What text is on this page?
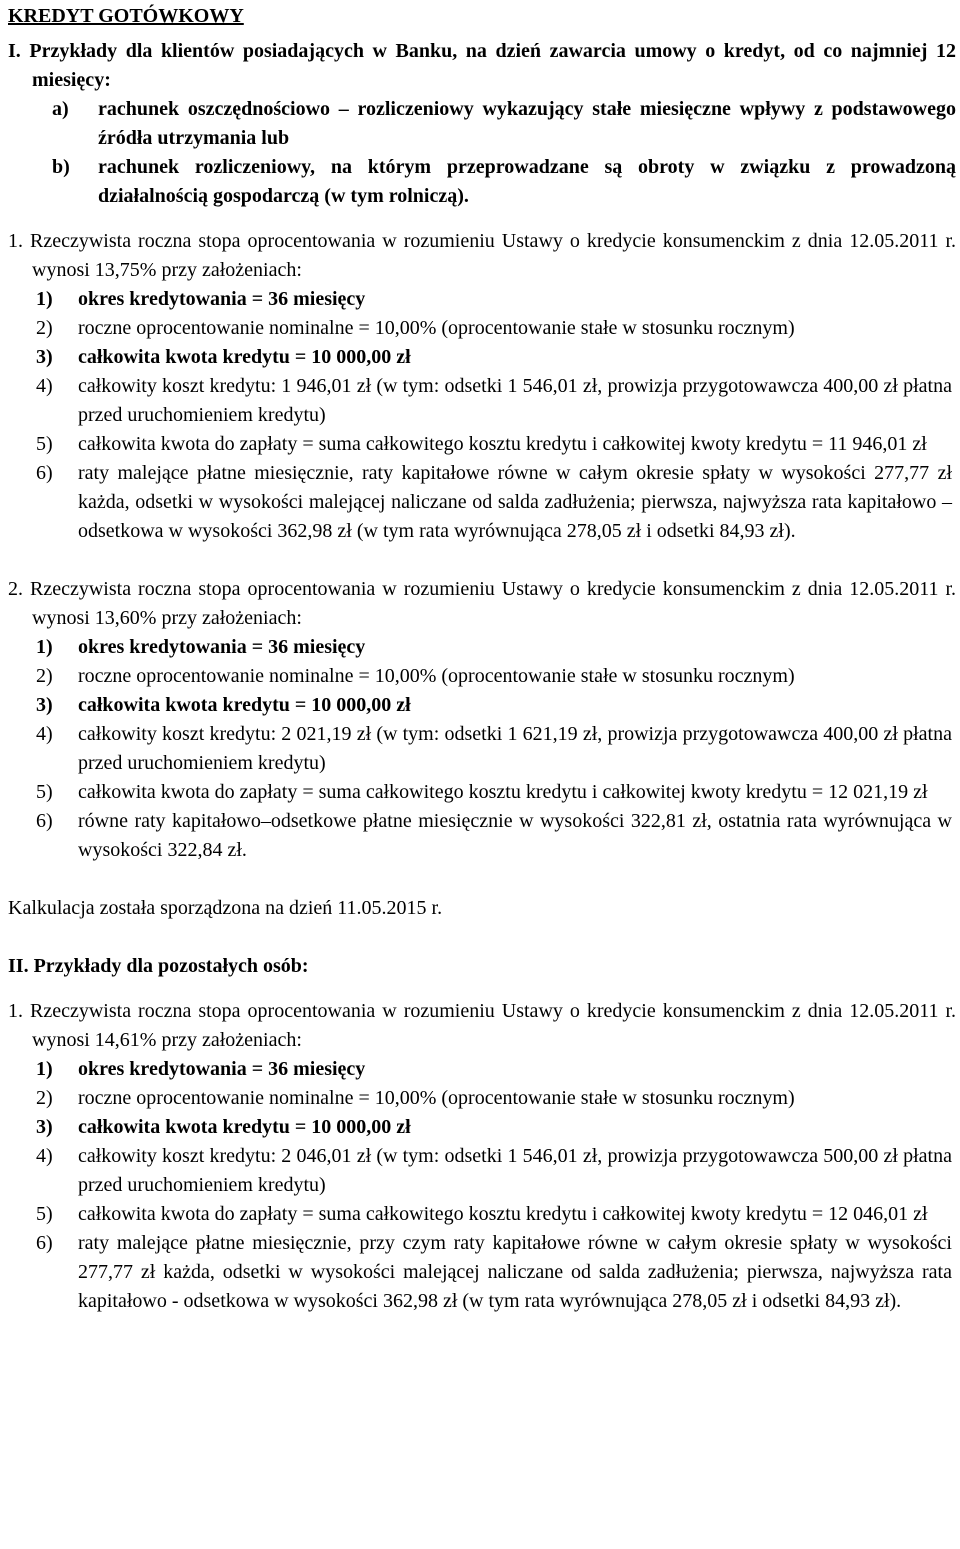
KREDYT GOTÓWKOWY

I. Przykłady dla klientów posiadających w Banku, na dzień zawarcia umowy o kredyt, od co najmniej 12 miesięcy:

a)	rachunek oszczędnościowo – rozliczeniowy wykazujący stałe miesięczne wpływy z podstawowego źródła utrzymania lub
b)	rachunek rozliczeniowy, na którym przeprowadzane są obroty w związku z prowadzoną działalnością gospodarczą (w tym rolniczą).

1. Rzeczywista roczna stopa oprocentowania w rozumieniu Ustawy o kredycie konsumenckim z dnia 12.05.2011 r. wynosi 13,75% przy założeniach:

1)	okres kredytowania = 36 miesięcy
2)	roczne oprocentowanie nominalne = 10,00% (oprocentowanie stałe w stosunku rocznym)
3)	całkowita kwota kredytu = 10 000,00 zł
4)	całkowity koszt kredytu: 1 946,01 zł (w tym: odsetki 1 546,01 zł, prowizja przygotowawcza 400,00 zł płatna przed uruchomieniem kredytu)
5)	całkowita kwota do zapłaty = suma całkowitego kosztu kredytu i całkowitej kwoty kredytu = 11 946,01 zł
6)	raty malejące płatne miesięcznie, raty kapitałowe równe w całym okresie spłaty w wysokości 277,77 zł każda, odsetki w wysokości malejącej naliczane od salda zadłużenia; pierwsza, najwyższa rata kapitałowo – odsetkowa w wysokości 362,98 zł (w tym rata wyrównująca 278,05 zł i odsetki 84,93 zł).

2. Rzeczywista roczna stopa oprocentowania w rozumieniu Ustawy o kredycie konsumenckim z dnia 12.05.2011 r. wynosi 13,60% przy założeniach:

1)	okres kredytowania = 36 miesięcy
2)	roczne oprocentowanie nominalne = 10,00% (oprocentowanie stałe w stosunku rocznym)
3)	całkowita kwota kredytu = 10 000,00 zł
4)	całkowity koszt kredytu: 2 021,19 zł (w tym: odsetki 1 621,19 zł, prowizja przygotowawcza 400,00 zł płatna przed uruchomieniem kredytu)
5)	całkowita kwota do zapłaty = suma całkowitego kosztu kredytu i całkowitej kwoty kredytu = 12 021,19 zł
6)	równe raty kapitałowo–odsetkowe płatne miesięcznie w wysokości 322,81 zł, ostatnia rata wyrównująca w wysokości 322,84 zł.

Kalkulacja została sporządzona na dzień 11.05.2015 r.

II. Przykłady dla pozostałych osób:

1. Rzeczywista roczna stopa oprocentowania w rozumieniu Ustawy o kredycie konsumenckim z dnia 12.05.2011 r. wynosi 14,61% przy założeniach:

1)	okres kredytowania = 36 miesięcy
2)	roczne oprocentowanie nominalne = 10,00% (oprocentowanie stałe w stosunku rocznym)
3)	całkowita kwota kredytu = 10 000,00 zł
4)	całkowity koszt kredytu: 2 046,01 zł (w tym: odsetki 1 546,01 zł, prowizja przygotowawcza 500,00 zł płatna przed uruchomieniem kredytu)
5)	całkowita kwota do zapłaty = suma całkowitego kosztu kredytu i całkowitej kwoty kredytu = 12 046,01 zł
6)	raty malejące płatne miesięcznie, przy czym raty kapitałowe równe w całym okresie spłaty w wysokości 277,77 zł każda, odsetki w wysokości malejącej naliczane od salda zadłużenia; pierwsza, najwyższa rata kapitałowo - odsetkowa w wysokości 362,98 zł (w tym rata wyrównująca 278,05 zł i odsetki 84,93 zł).
